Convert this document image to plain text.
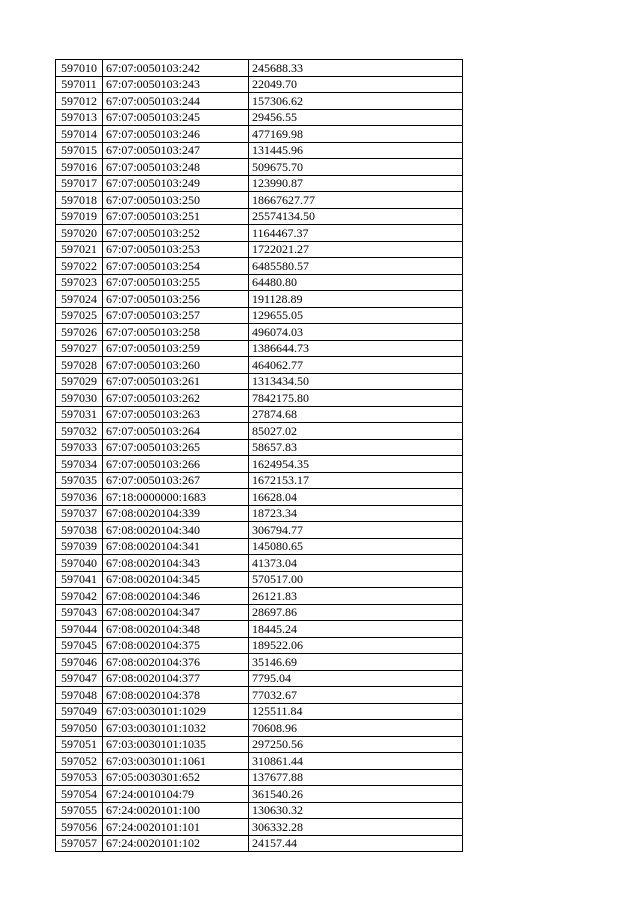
597010	67:07:0050103:242	245688.33
597011	67:07:0050103:243	22049.70
597012	67:07:0050103:244	157306.62
597013	67:07:0050103:245	29456.55
597014	67:07:0050103:246	477169.98
597015	67:07:0050103:247	131445.96
597016	67:07:0050103:248	509675.70
597017	67:07:0050103:249	123990.87
597018	67:07:0050103:250	18667627.77
597019	67:07:0050103:251	25574134.50
597020	67:07:0050103:252	1164467.37
597021	67:07:0050103:253	1722021.27
597022	67:07:0050103:254	6485580.57
597023	67:07:0050103:255	64480.80
597024	67:07:0050103:256	191128.89
597025	67:07:0050103:257	129655.05
597026	67:07:0050103:258	496074.03
597027	67:07:0050103:259	1386644.73
597028	67:07:0050103:260	464062.77
597029	67:07:0050103:261	1313434.50
597030	67:07:0050103:262	7842175.80
597031	67:07:0050103:263	27874.68
597032	67:07:0050103:264	85027.02
597033	67:07:0050103:265	58657.83
597034	67:07:0050103:266	1624954.35
597035	67:07:0050103:267	1672153.17
597036	67:18:0000000:1683	16628.04
597037	67:08:0020104:339	18723.34
597038	67:08:0020104:340	306794.77
597039	67:08:0020104:341	145080.65
597040	67:08:0020104:343	41373.04
597041	67:08:0020104:345	570517.00
597042	67:08:0020104:346	26121.83
597043	67:08:0020104:347	28697.86
597044	67:08:0020104:348	18445.24
597045	67:08:0020104:375	189522.06
597046	67:08:0020104:376	35146.69
597047	67:08:0020104:377	7795.04
597048	67:08:0020104:378	77032.67
597049	67:03:0030101:1029	125511.84
597050	67:03:0030101:1032	70608.96
597051	67:03:0030101:1035	297250.56
597052	67:03:0030101:1061	310861.44
597053	67:05:0030301:652	137677.88
597054	67:24:0010104:79	361540.26
597055	67:24:0020101:100	130630.32
597056	67:24:0020101:101	306332.28
597057	67:24:0020101:102	24157.44
